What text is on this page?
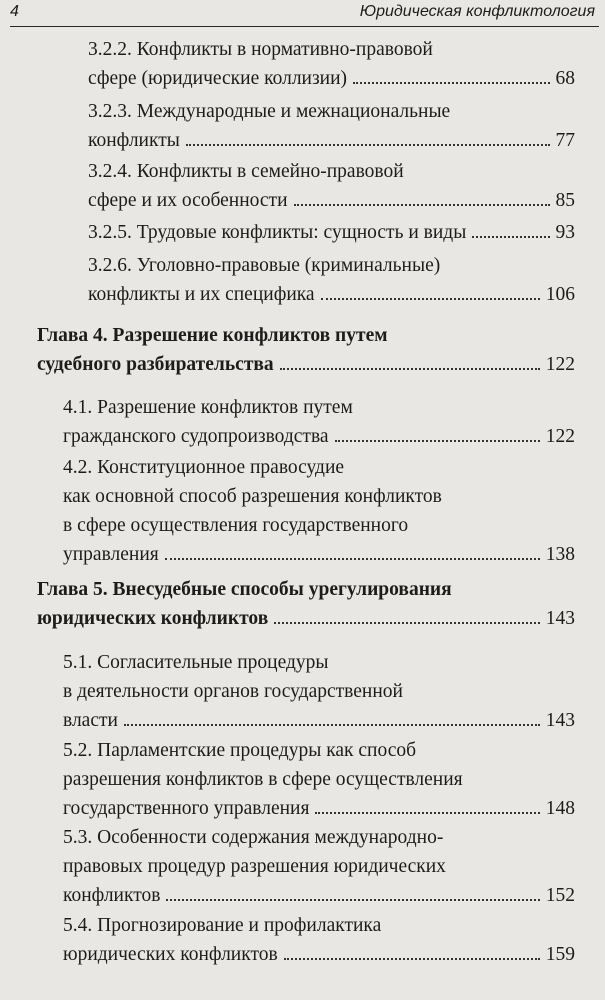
4	Юридическая конфликтология
3.2.2. Конфликты в нормативно-правовой
сфере (юридические коллизии)	68
3.2.3. Международные и межнациональные
конфликты	77
3.2.4. Конфликты в семейно-правовой
сфере и их особенности	85
3.2.5. Трудовые конфликты: сущность и виды	93
3.2.6. Уголовно-правовые (криминальные)
конфликты и их специфика	106
Глава 4. Разрешение конфликтов путем
судебного разбирательства	122
4.1. Разрешение конфликтов путем
гражданского судопроизводства	122
4.2. Конституционное правосудие
как основной способ разрешения конфликтов
в сфере осуществления государственного
управления	138
Глава 5. Внесудебные способы урегулирования
юридических конфликтов	143
5.1. Согласительные процедуры
в деятельности органов государственной
власти	143
5.2. Парламентские процедуры как способ
разрешения конфликтов в сфере осуществления
государственного управления	148
5.3. Особенности содержания международно-
правовых процедур разрешения юридических
конфликтов	152
5.4. Прогнозирование и профилактика
юридических конфликтов	159
